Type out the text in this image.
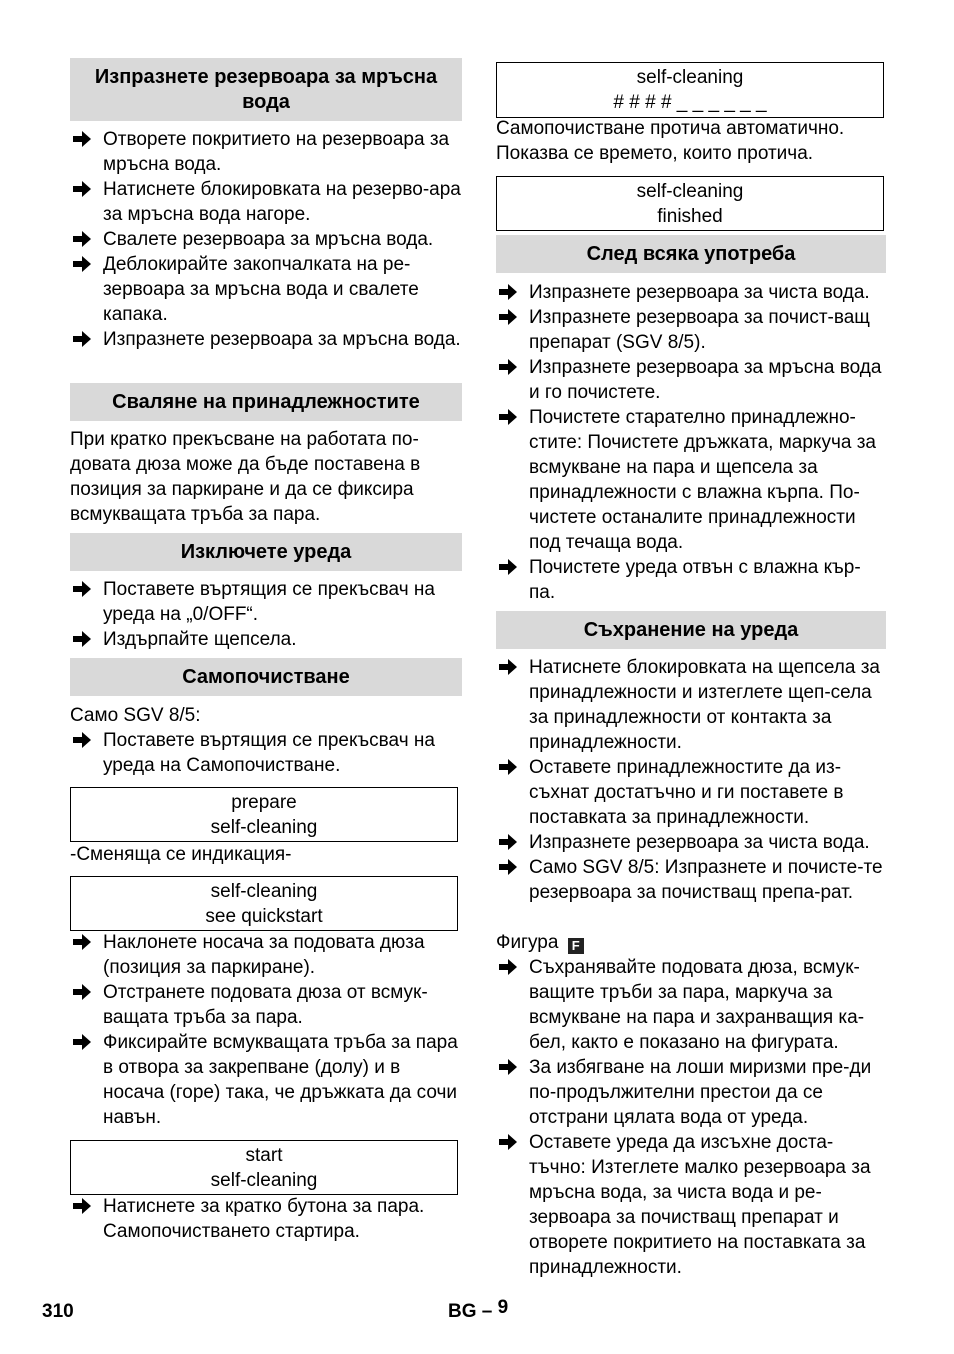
Изпразнете резервоара за мръсна вода
Отворете покритието на резервоара за мръсна вода.
Натиснете блокировката на резерво-ара за мръсна вода нагоре.
Свалете резервоара за мръсна вода.
Деблокирайте закопчалката на ре-зервоара за мръсна вода и свалете капака.
Изпразнете резервоара за мръсна вода.
Сваляне на принадлежностите
При кратко прекъсване на работата по-довата дюза може да бъде поставена в позиция за паркиране и да се фиксира всмукващата тръба за пара.
Изключете уреда
Поставете въртящия се прекъсвач на уреда на „0/OFF“.
Издърпайте щепсела.
Самопочистване
Само SGV 8/5:
Поставете въртящия се прекъсвач на уреда на Самопочистване.
prepare
self-cleaning
-Сменяща се индикация-
self-cleaning
see quickstart
Наклонете носача за подовата дюза (позиция за паркиране).
Отстранете подовата дюза от всмук-ващата тръба за пара.
Фиксирайте всмукващата тръба за пара в отвора за закрепване (долу) и в носача (горе) така, че дръжката да сочи навън.
start
self-cleaning
Натиснете за кратко бутона за пара. Самопочистването стартира.
self-cleaning
# # # # _ _ _ _ _ _
Самопочистване протича автоматично. Показва се времето, които протича.
self-cleaning
finished
След всяка употреба
Изпразнете резервоара за чиста вода.
Изпразнете резервоара за почист-ващ препарат (SGV 8/5).
Изпразнете резервоара за мръсна вода и го почистете.
Почистете старателно принадлежно-стите: Почистете дръжката, маркуча за всмукване на пара и щепсела за принадлежности с влажна кърпа. По-чистете останалите принадлежности под течаща вода.
Почистете уреда отвън с влажна кър-па.
Съхранение на уреда
Натиснете блокировката на щепсела за принадлежности и изтеглете щеп-села за принадлежности от контакта за принадлежности.
Оставете принадлежностите да из-съхнат достатъчно и ги поставете в поставката за принадлежности.
Изпразнете резервоара за чиста вода.
Само SGV 8/5: Изпразнете и почисте-те резервоара за почистващ препа-рат.
Фигура F
Съхранявайте подовата дюза, всмук-ващите тръби за пара, маркуча за всмукване на пара и захранващия ка-бел, както е показано на фигурата.
За избягване на лоши миризми пре-ди по-продължителни престои да се отстрани цялата вода от уреда.
Оставете уреда да изсъхне доста-тъчно: Изтеглете малко резервоара за мръсна вода, за чиста вода и ре-зервоара за почистващ препарат и отворете покритието на поставката за принадлежности.
310	BG – 9
